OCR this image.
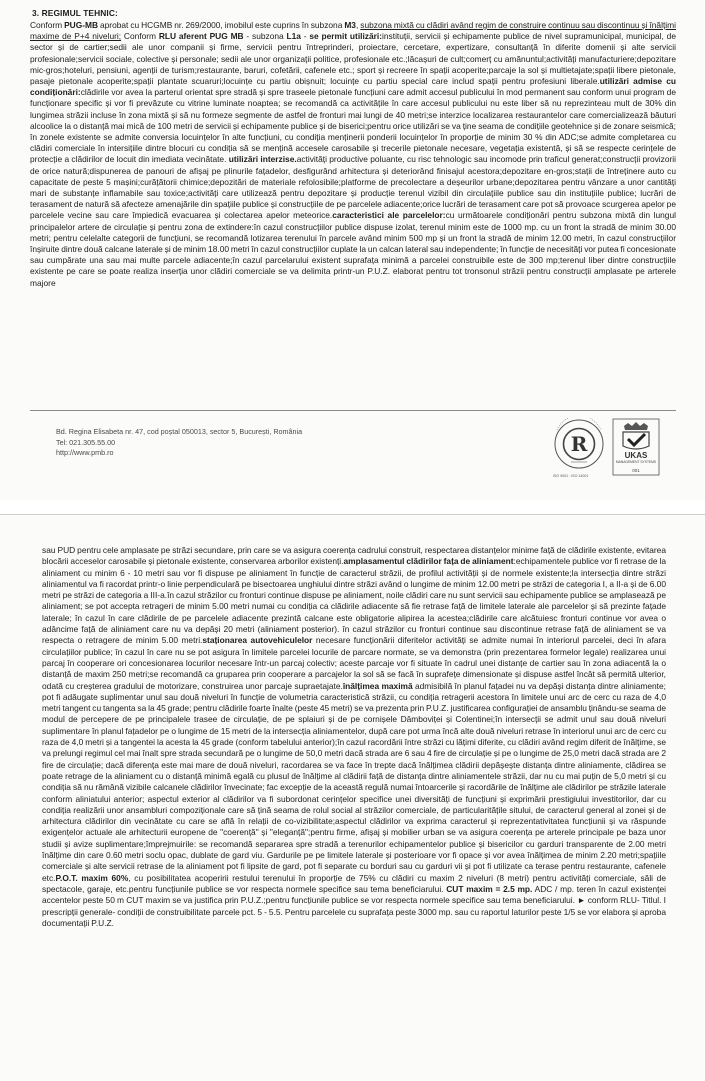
3. REGIMUL TEHNIC:
Conform PUG-MB aprobat cu HCGMB nr. 269/2000, imobilul este cuprins în subzona M3, subzona mixtă cu clădiri având regim de construire continuu sau discontinuu și înălțimi maxime de P+4 niveluri; Conform RLU aferent PUG MB - subzona L1a - se permit utilizări:instituții, servicii și echipamente publice de nivel supramunicipal, municipal, de sector și de cartier;sedii ale unor companii și firme, servicii pentru întreprinderi, proiectare, cercetare, expertizare, consultanță în diferite domenii și alte servicii profesionale;servicii sociale, colective și personale; sedii ale unor organizații politice, profesionale etc.;lăcașuri de cult;comerț cu amănuntul;activități manufacturiere;depozitare mic-gros;hoteluri, pensiuni, agenții de turism;restaurante, baruri, cofetării, cafenele etc.; sport și recreere în spații acoperite;parcaje la sol și multietajate;spații libere pietonale, pasaje pietonale acoperite;spații plantate scuaruri;locuințe cu partiu obișnuit; locuințe cu partiu special care includ spații pentru profesiuni liberale.utilizări admise cu condiționări:clădirile vor avea la parterul orientat spre stradă și spre traseele pietonale funcțiuni care admit accesul publicului în mod permanent sau conform unui program de funcționare specific și vor fi prevăzute cu vitrine luminate noaptea; se recomandă ca activitățile în care accesul publicului nu este liber să nu reprezinteau mult de 30% din lungimea străzii incluse în zona mixtă și să nu formeze segmente de astfel de fronturi mai lungi de 40 metri;se interzice localizarea restaurantelor care comercializează băuturi alcoolice la o distanță mai mică de 100 metri de servicii și echipamente publice și de biserici;pentru orice utilizări se va ține seama de condițiile geotehnice și de zonare seismică; în zonele existente se admite conversia locuințelor în alte funcțiuni, cu condiția menținerii ponderii locuințelor în proporție de minim 30 % din ADC;se admite completarea cu clădiri comerciale în intersițiile dintre blocuri cu condiția să se mențină accesele carosabile și trecerile pietonale necesare, vegetația existentă, și să se respecte cerințele de protecție a clădirilor de locuit din imediata vecinătate. utilizări interzise.activități productive poluante, cu risc tehnologic sau incomode prin traficul generat;construcții provizorii de orice natură;dispunerea de panouri de afișaj pe plinurile fațadelor, desfigurând arhitectura și deteriorând finisajul acestora;depozitare en-gros;stații de întreținere auto cu capacitate de peste 5 mașini;curățătorii chimice;depozitări de materiale refolosibile;platforme de precolectare a deșeurilor urbane;depozitarea pentru vânzare a unor cantități mari de substanțe inflamabile sau toxice;activități care utilizează pentru depozitare și producție terenul vizibil din circulațiile publice sau din instituțiile publice; lucrări de terasament de natură să afecteze amenajările din spațiile publice și construcțiile de pe parcelele adiacente;orice lucrări de terasament care pot să provoace scurgerea apelor pe parcelele vecine sau care împiedică evacuarea și colectarea apelor meteorice.caracteristici ale parcelelor:cu următoarele condiționări pentru subzona mixtă din lungul principalelor artere de circulație și pentru zona de extindere:în cazul construcțiilor publice dispuse izolat, terenul minim este de 1000 mp. cu un front la stradă de minim 30.00 metri; pentru celelalte categorii de funcțiuni, se recomandă lotizarea terenului în parcele având minim 500 mp și un front la stradă de minim 12.00 metri, în cazul construcțiilor înșiruite dintre două calcane laterale și de minim 18.00 metri în cazul construcțiilor cuplate la un calcan lateral sau independente; în funcție de necesități vor putea fi concesionate sau cumpărate una sau mai multe parcele adiacente;în cazul parcelarului existent suprafața minimă a parcelei construibile este de 300 mp;terenul liber dintre construcțiile existente pe care se poate realiza inserția unor clădiri comerciale se va delimita printr-un P.U.Z. elaborat pentru tot tronsonul străzii pentru construcții amplasate pe arterele majore
Bd. Regina Elisabeta nr. 47, cod poștal 050013, sector 5, București, România
Tel: 021.305.55.00
http://www.pmb.ro	R
ISO 9001 : ISO 14001
UKAS
MANAGEMENT SYSTEMS
001
sau PUD pentru cele amplasate pe străzi secundare, prin care se va asigura coerența cadrului construit, respectarea distanțelor minime față de clădirile existente, evitarea blocării acceselor carosabile și pietonale existente, conservarea arborilor existenți.amplasamentul clădirilor fața de aliniament:echipamentele publice vor fi retrase de la aliniament cu minim 6 - 10 metri sau vor fi dispuse pe aliniament în funcție de caracterul străzii, de profilul activității și de normele existente;la intersecția dintre străzi aliniamentul va fi racordat printr-o linie perpendiculară pe bisectoarea unghiului dintre străzi având o lungime de minim 12.00 metri pe străzi de categoria I, a II-a și de 6.00 metri pe străzi de categoria a III-a.în cazul străzilor cu fronturi continue dispuse pe aliniament, noile clădiri care nu sunt servicii sau echipamente publice se amplasează pe aliniament; se pot accepta retrageri de minim 5.00 metri numai cu condiția ca clădirile adiacente să fie retrase față de limitele laterale ale parcelelor și să prezinte fațade laterale; în cazul în care clădirile de pe parcelele adiacente prezintă calcane este obligatorie alipirea la acestea;clădirile care alcătuiesc fronturi continue vor avea o adâncime față de aliniament care nu va depăși 20 metri (aliniament posterior). în cazul străzilor cu fronturi continue sau discontinue retrase față de aliniament se va respecta o retragere de minim 5.00 metri.staționarea autovehiculelor necesare funcționării diferitelor activități se admite numai în interiorul parcelei, deci în afara circulațiilor publice; în cazul în care nu se pot asigura în limitele parcelei locurile de parcare normate, se va demonstra (prin prezentarea formelor legale) realizarea unui parcaj în cooperare ori concesionarea locurilor necesare într-un parcaj colectiv; aceste parcaje vor fi situate în cadrul unei distanțe de cartier sau în zona adiacentă la o distanță de maxim 250 metri;se recomandă ca gruparea prin cooperare a parcajelor la sol să se facă în suprafețe dimensionate și dispuse astfel încât să permită ulterior, odată cu creșterea gradului de motorizare, construirea unor parcaje supraetajate.înălțimea maximă admisibilă în planul fațadei nu va depăși distanța dintre aliniamente; pot fi adăugate suplimentar unul sau două niveluri în funcție de volumetria caracteristică străzii, cu condiția retragerii acestora în limitele unui arc de cerc cu raza de 4,0 metri tangent cu tangenta sa la 45 grade; pentru clădirile foarte înalte (peste 45 metri) se va prezenta prin P.U.Z. justificarea configurației de ansamblu ținându-se seama de modul de percepere de pe principalele trasee de circulație, de pe splaiuri și de pe cornișele Dâmboviței și Colentinei;în intersecții se admit unul sau două niveluri suplimentare în planul fațadelor pe o lungime de 15 metri de la intersecția aliniamentelor, după care pot urma încă alte două niveluri retrase în interiorul unui arc de cerc cu raza de 4,0 metri și a tangentei la acesta la 45 grade (conform tabelului anterior);în cazul racordării între străzi cu lățimi diferite, cu clădiri având regim diferit de înălțime, se va prelungi regimul cel mai înalt spre strada secundară pe o lungime de 50,0 metri dacă strada are 6 sau 4 fire de circulație și pe o lungime de 25,0 metri dacă strada are 2 fire de circulație; dacă diferența este mai mare de două niveluri, racordarea se va face în trepte dacă înălțimea clădirii depășește distanța dintre aliniamente, clădirea se poate retrage de la aliniament cu o distanță minimă egală cu plusul de înălțime al clădirii față de distanța dintre aliniamentele străzii, dar nu cu mai puțin de 5,0 metri și cu condiția să nu rămână vizibile calcanele clădirilor învecinate; fac excepție de la această regulă numai întoarcerile și racordările de înălțime ale clădirilor pe străzile laterale conform aliniatului anterior; aspectul exterior al clădirilor va fi subordonat cerințelor specifice unei diversități de funcțiuni și exprimării prestigiului investitorilor, dar cu condiția realizării unor ansambluri compoziționale care să țină seama de rolul social al străzilor comerciale, de particularitățile sitului, de caracterul general al zonei și de arhitectura clădirilor din vecinătate cu care se află în relații de co-vizibilitate;aspectul clădirilor va exprima caracterul și reprezentativitatea funcțiunii și va răspunde exigențelor actuale ale arhitecturii europene de "coerență" și "eleganță";pentru firme, afișaj și mobilier urban se va asigura coerența pe arterele principale pe baza unor studii și avize suplimentare;împrejmuirile: se recomandă separarea spre stradă a terenurilor echipamentelor publice și bisericilor cu garduri transparente de 2.00 metri înălțime din care 0.60 metri soclu opac, dublate de gard viu. Gardurile pe pe limitele laterale și posterioare vor fi opace și vor avea înălțimea de minim 2.20 metri;spațiile comerciale și alte servicii retrase de la aliniament pot fi lipsite de gard, pot fi separate cu borduri sau cu garduri vii și pot fi utilizate ca terase pentru restaurante, cafenele etc.P.O.T. maxim 60%, cu posibilitatea acoperirii restului terenului în proporție de 75% cu clădiri cu maxim 2 niveluri (8 metri) pentru activități comerciale, săli de spectacole, garaje, etc.pentru funcțiunile publice se vor respecta normele specifice sau tema beneficiarului. CUT maxim = 2.5 mp. ADC / mp. teren în cazul existenței accentelor peste 50 m CUT maxim se va justifica prin P.U.Z.;pentru funcțiunile publice se vor respecta normele specifice sau tema beneficiarului. ► conform RLU- Titlul. I prescripții generale- condiții de construibilitate parcele pct. 5 - 5.5. Pentru parcelele cu suprafața peste 3000 mp. sau cu raportul laturilor peste 1/5 se vor elabora și aproba documentații P.U.Z.
